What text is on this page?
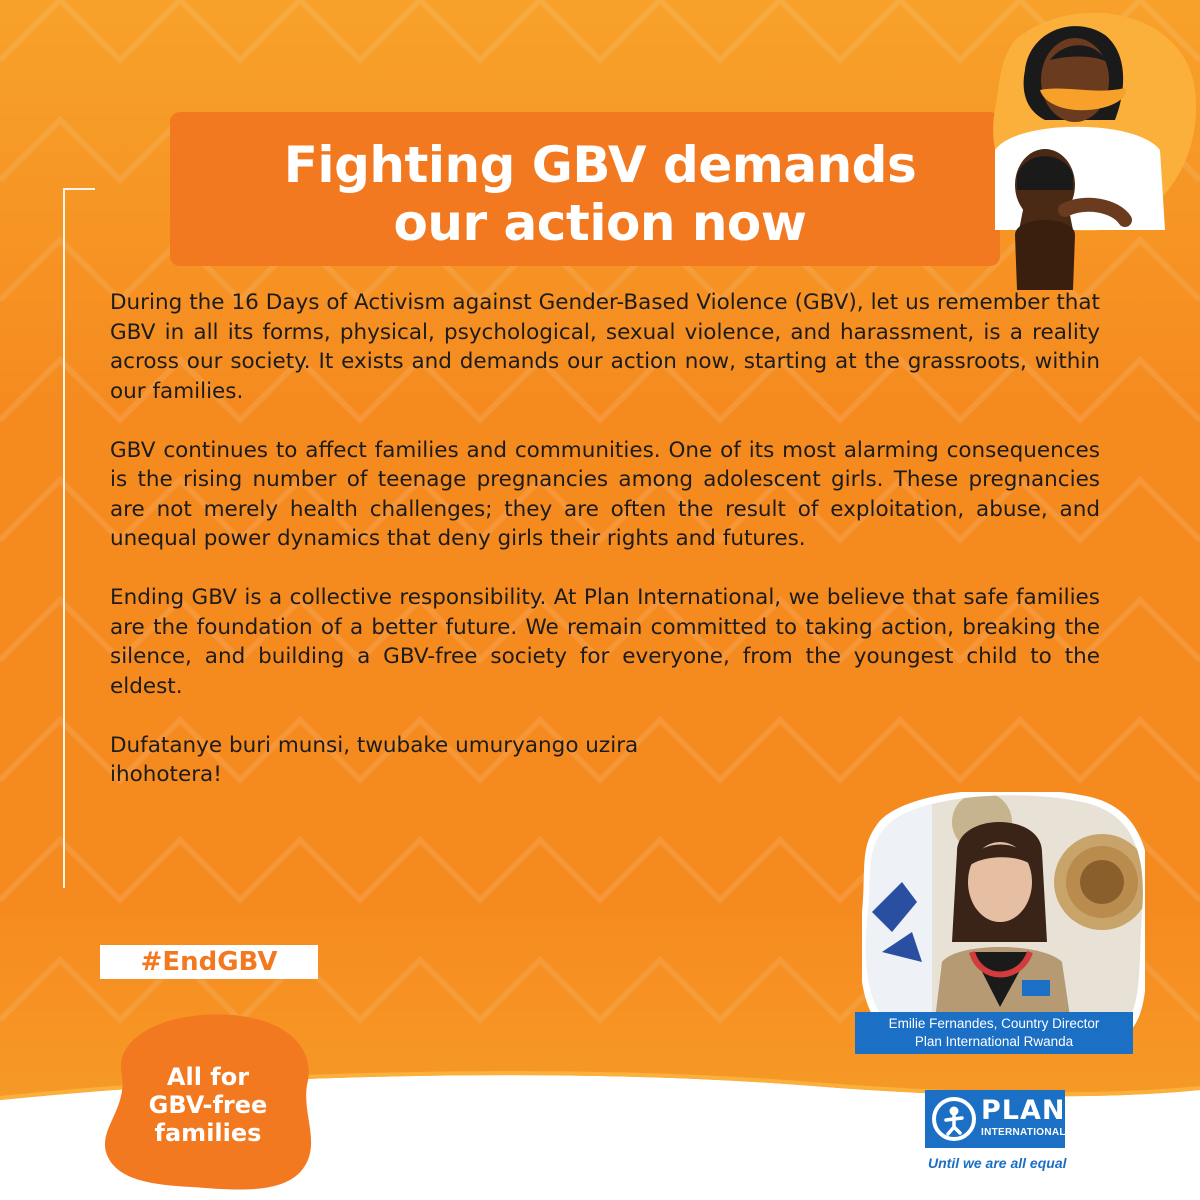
Fighting GBV demands
our action now

During the 16 Days of Activism against Gender-Based Violence (GBV), let us remember that GBV in all its forms, physical, psychological, sexual violence, and harassment, is a reality across our society. It exists and demands our action now, starting at the grassroots, within our families.

GBV continues to affect families and communities. One of its most alarming consequences is the rising number of teenage pregnancies among adolescent girls. These pregnancies are not merely health challenges; they are often the result of exploitation, abuse, and unequal power dynamics that deny girls their rights and futures.

Ending GBV is a collective responsibility. At Plan International, we believe that safe families are the foundation of a better future. We remain committed to taking action, breaking the silence, and building a GBV-free society for everyone, from the youngest child to the eldest.

Dufatanye buri munsi, twubake umuryango uzira ihohotera!

#EndGBV
Emilie Fernandes, Country Director
Plan International Rwanda
All for
GBV-free
families
PLAN
INTERNATIONAL
Until we are all equal
